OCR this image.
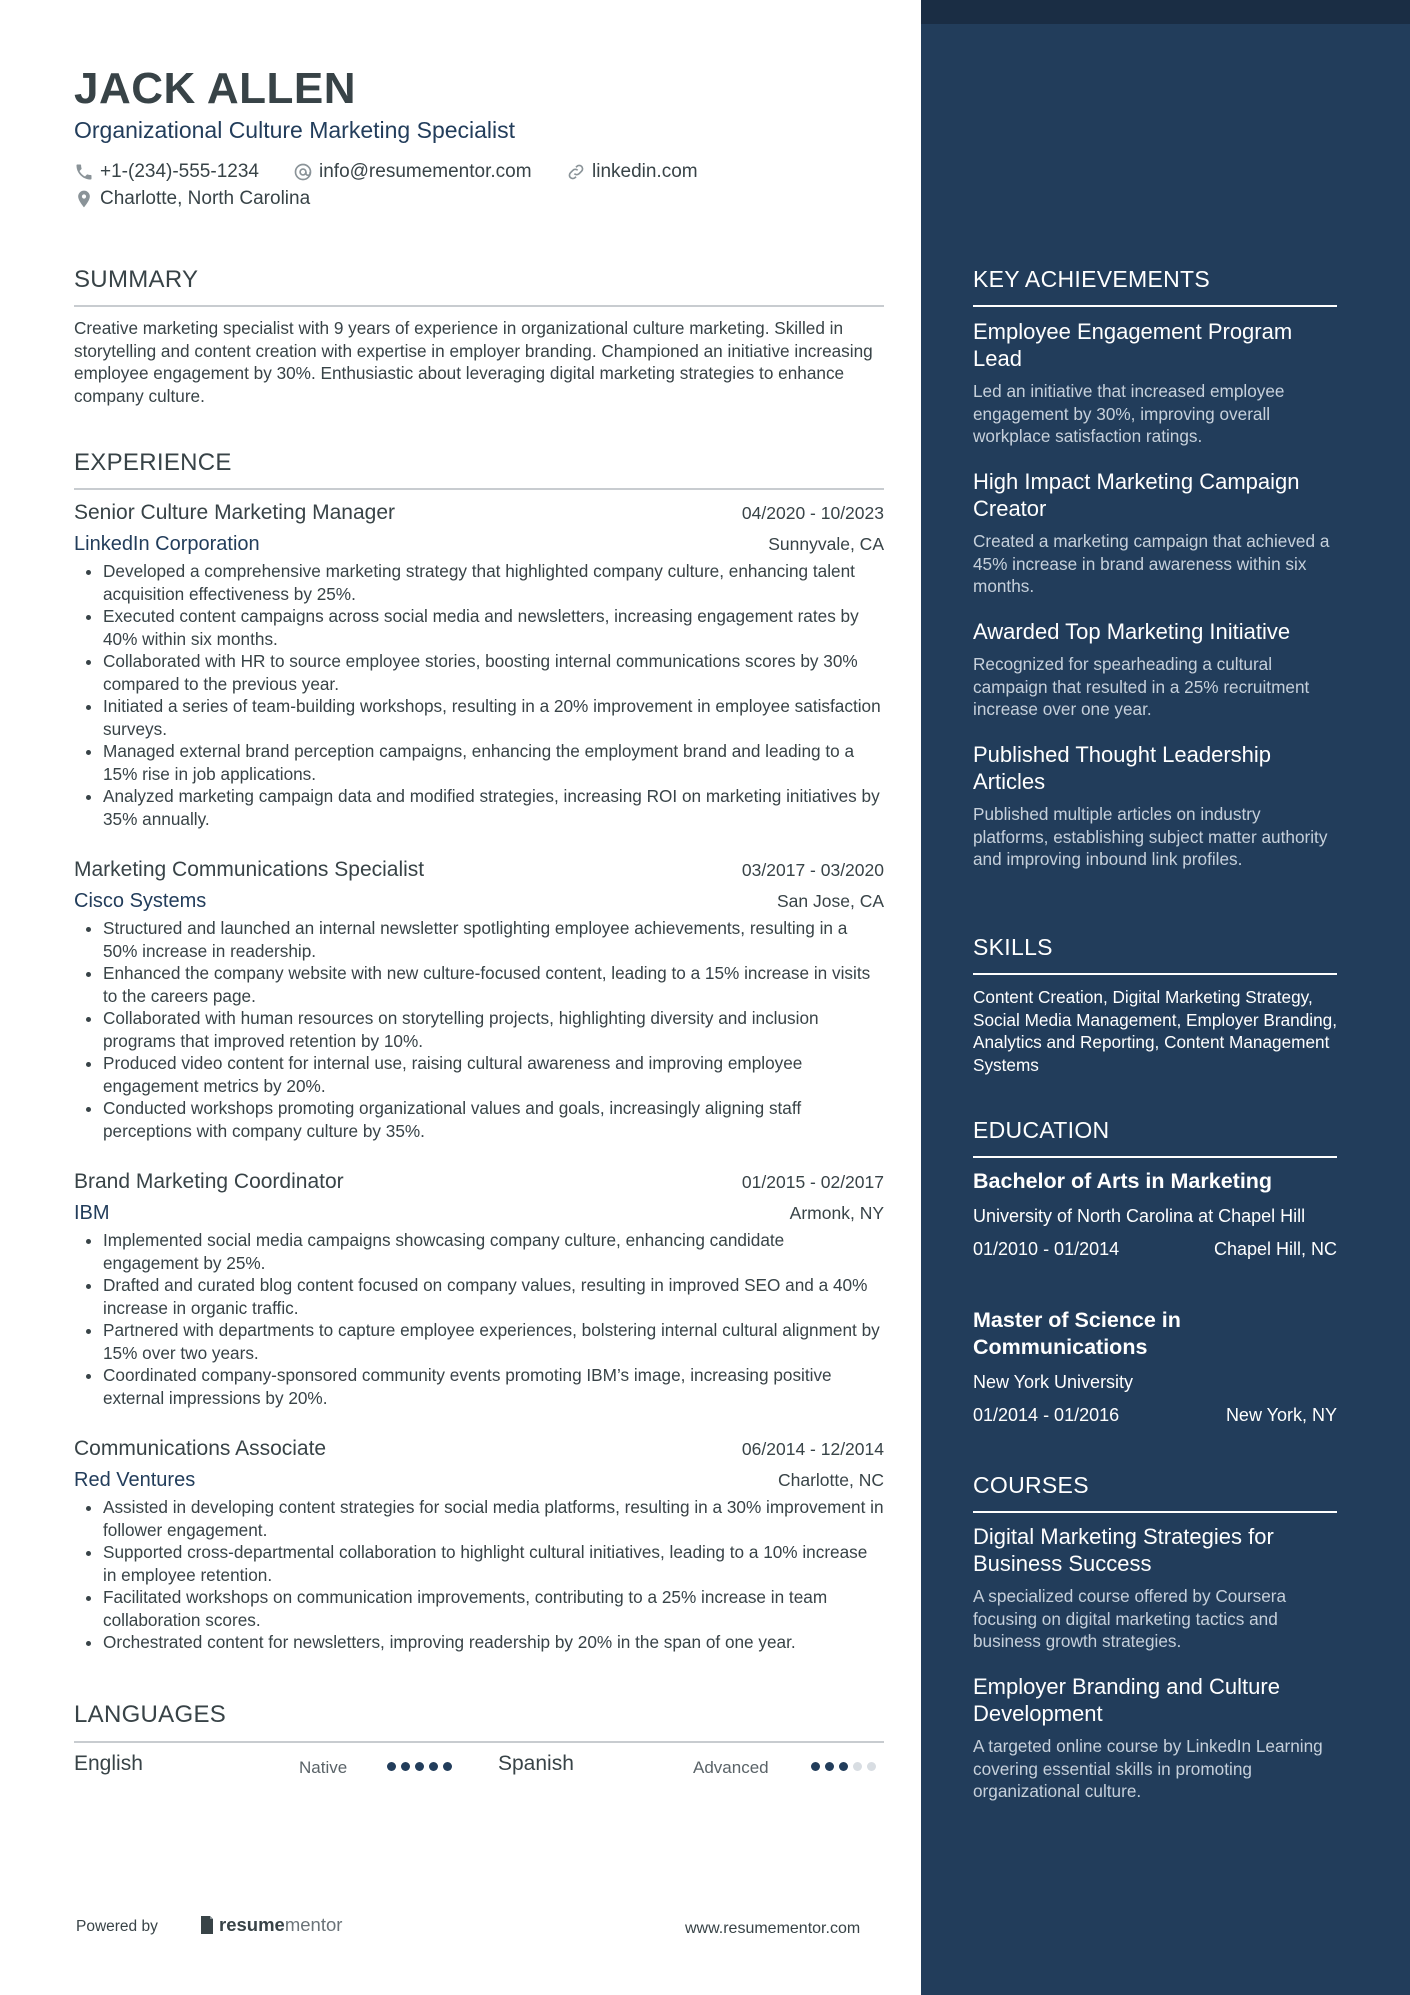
JACK ALLEN
Organizational Culture Marketing Specialist
+1-(234)-555-1234	info@resumementor.com	linkedin.com
Charlotte, North Carolina
SUMMARY
Creative marketing specialist with 9 years of experience in organizational culture marketing. Skilled in storytelling and content creation with expertise in employer branding. Championed an initiative increasing employee engagement by 30%. Enthusiastic about leveraging digital marketing strategies to enhance company culture.
EXPERIENCE
Senior Culture Marketing Manager	04/2020 - 10/2023
LinkedIn Corporation	Sunnyvale, CA
• Developed a comprehensive marketing strategy that highlighted company culture, enhancing talent acquisition effectiveness by 25%.
• Executed content campaigns across social media and newsletters, increasing engagement rates by 40% within six months.
• Collaborated with HR to source employee stories, boosting internal communications scores by 30% compared to the previous year.
• Initiated a series of team-building workshops, resulting in a 20% improvement in employee satisfaction surveys.
• Managed external brand perception campaigns, enhancing the employment brand and leading to a 15% rise in job applications.
• Analyzed marketing campaign data and modified strategies, increasing ROI on marketing initiatives by 35% annually.
Marketing Communications Specialist	03/2017 - 03/2020
Cisco Systems	San Jose, CA
• Structured and launched an internal newsletter spotlighting employee achievements, resulting in a 50% increase in readership.
• Enhanced the company website with new culture-focused content, leading to a 15% increase in visits to the careers page.
• Collaborated with human resources on storytelling projects, highlighting diversity and inclusion programs that improved retention by 10%.
• Produced video content for internal use, raising cultural awareness and improving employee engagement metrics by 20%.
• Conducted workshops promoting organizational values and goals, increasingly aligning staff perceptions with company culture by 35%.
Brand Marketing Coordinator	01/2015 - 02/2017
IBM	Armonk, NY
• Implemented social media campaigns showcasing company culture, enhancing candidate engagement by 25%.
• Drafted and curated blog content focused on company values, resulting in improved SEO and a 40% increase in organic traffic.
• Partnered with departments to capture employee experiences, bolstering internal cultural alignment by 15% over two years.
• Coordinated company-sponsored community events promoting IBM’s image, increasing positive external impressions by 20%.
Communications Associate	06/2014 - 12/2014
Red Ventures	Charlotte, NC
• Assisted in developing content strategies for social media platforms, resulting in a 30% improvement in follower engagement.
• Supported cross-departmental collaboration to highlight cultural initiatives, leading to a 10% increase in employee retention.
• Facilitated workshops on communication improvements, contributing to a 25% increase in team collaboration scores.
• Orchestrated content for newsletters, improving readership by 20% in the span of one year.
LANGUAGES
English	Native	Spanish	Advanced
Powered by	resumementor	www.resumementor.com
KEY ACHIEVEMENTS
Employee Engagement Program Lead
Led an initiative that increased employee engagement by 30%, improving overall workplace satisfaction ratings.
High Impact Marketing Campaign Creator
Created a marketing campaign that achieved a 45% increase in brand awareness within six months.
Awarded Top Marketing Initiative
Recognized for spearheading a cultural campaign that resulted in a 25% recruitment increase over one year.
Published Thought Leadership Articles
Published multiple articles on industry platforms, establishing subject matter authority and improving inbound link profiles.
SKILLS
Content Creation, Digital Marketing Strategy, Social Media Management, Employer Branding, Analytics and Reporting, Content Management Systems
EDUCATION
Bachelor of Arts in Marketing
University of North Carolina at Chapel Hill
01/2010 - 01/2014	Chapel Hill, NC
Master of Science in Communications
New York University
01/2014 - 01/2016	New York, NY
COURSES
Digital Marketing Strategies for Business Success
A specialized course offered by Coursera focusing on digital marketing tactics and business growth strategies.
Employer Branding and Culture Development
A targeted online course by LinkedIn Learning covering essential skills in promoting organizational culture.
